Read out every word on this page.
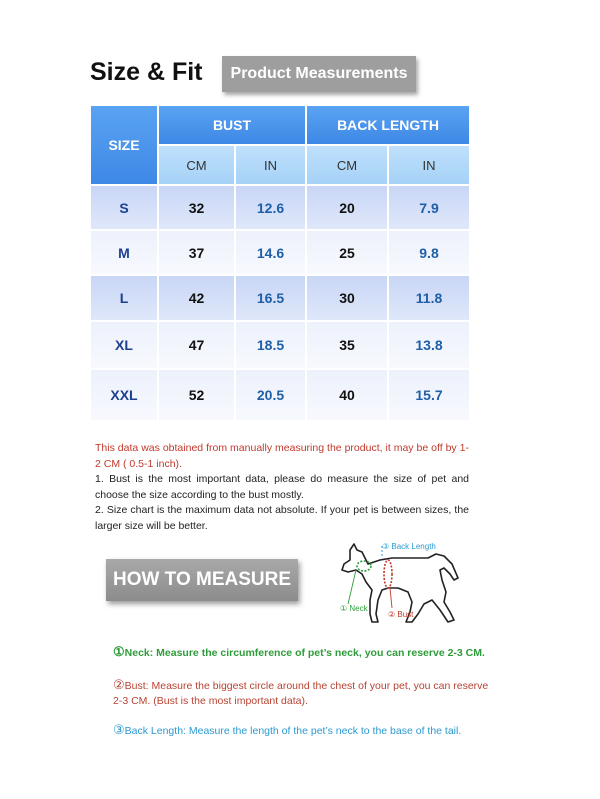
Size & Fit	Product Measurements
SIZE	BUST		BACK LENGTH	
	CM	IN	CM	IN
S	32	12.6	20	7.9
M	37	14.6	25	9.8
L	42	16.5	30	11.8
XL	47	18.5	35	13.8
XXL	52	20.5	40	15.7

This data was obtained from manually measuring the product, it may be off by 1-2 CM ( 0.5-1 inch).

1. Bust is the most important data, please do measure the size of pet and choose the size according to the bust mostly.

2. Size chart is the maximum data not absolute. If your pet is between sizes, the larger size will be better.

HOW TO MEASURE
③ Back Length
① Neck
② Bust
①Neck: Measure the circumference of pet’s neck, you can reserve 2-3 CM.
②Bust: Measure the biggest circle around the chest of your pet, you can reserve 2-3 CM. (Bust is the most important data).
③Back Length: Measure the length of the pet’s neck to the base of the tail.
